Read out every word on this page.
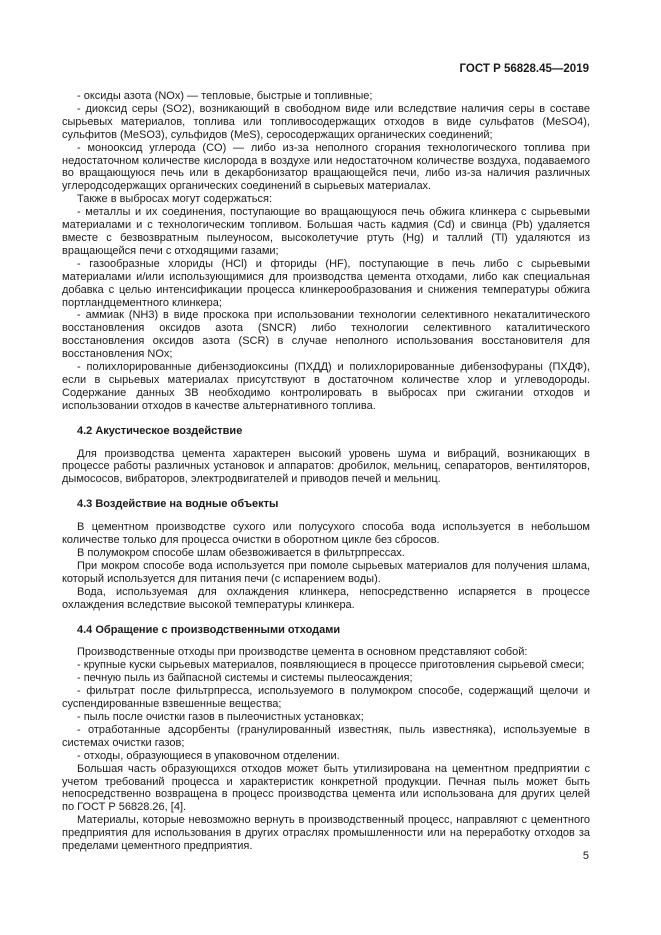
ГОСТ Р 56828.45—2019

- оксиды азота (NOx) — тепловые, быстрые и топливные;

- диоксид серы (SO2), возникающий в свободном виде или вследствие наличия серы в составе сырьевых материалов, топлива или топливосодержащих отходов в виде сульфатов (MeSO4), сульфитов (MeSO3), сульфидов (MeS), серосодержащих органических соединений;

- монооксид углерода (CO) — либо из-за неполного сгорания технологического топлива при недостаточном количестве кислорода в воздухе или недостаточном количестве воздуха, подаваемого во вращающуюся печь или в декарбонизатор вращающейся печи, либо из-за наличия различных углеродсодержащих органических соединений в сырьевых материалах.

Также в выбросах могут содержаться:

- металлы и их соединения, поступающие во вращающуюся печь обжига клинкера с сырьевыми материалами и с технологическим топливом. Большая часть кадмия (Cd) и свинца (Pb) удаляется вместе с безвозвратным пылеуносом, высоколетучие ртуть (Hg) и таллий (Tl) удаляются из вращающейся печи с отходящими газами;

- газообразные хлориды (HCl) и фториды (HF), поступающие в печь либо с сырьевыми материалами и/или использующимися для производства цемента отходами, либо как специальная добавка с целью интенсификации процесса клинкерообразования и снижения температуры обжига портландцементного клинкера;

- аммиак (NH3) в виде проскока при использовании технологии селективного некаталитического восстановления оксидов азота (SNCR) либо технологии селективного каталитического восстановления оксидов азота (SCR) в случае неполного использования восстановителя для восстановления NOx;

- полихлорированные дибензодиоксины (ПХДД) и полихлорированные дибензофураны (ПХДФ), если в сырьевых материалах присутствуют в достаточном количестве хлор и углеводороды. Содержание данных ЗВ необходимо контролировать в выбросах при сжигании отходов и использовании отходов в качестве альтернативного топлива.

4.2 Акустическое воздействие

Для производства цемента характерен высокий уровень шума и вибраций, возникающих в процессе работы различных установок и аппаратов: дробилок, мельниц, сепараторов, вентиляторов, дымососов, вибраторов, электродвигателей и приводов печей и мельниц.

4.3 Воздействие на водные объекты

В цементном производстве сухого или полусухого способа вода используется в небольшом количестве только для процесса очистки в оборотном цикле без сбросов.

В полумокром способе шлам обезвоживается в фильтрпрессах.

При мокром способе вода используется при помоле сырьевых материалов для получения шлама, который используется для питания печи (с испарением воды).

Вода, используемая для охлаждения клинкера, непосредственно испаряется в процессе охлаждения вследствие высокой температуры клинкера.

4.4 Обращение с производственными отходами

Производственные отходы при производстве цемента в основном представляют собой:

- крупные куски сырьевых материалов, появляющиеся в процессе приготовления сырьевой смеси;

- печную пыль из байпасной системы и системы пылеосаждения;

- фильтрат после фильтрпресса, используемого в полумокром способе, содержащий щелочи и суспендированные взвешенные вещества;

- пыль после очистки газов в пылеочистных установках;

- отработанные адсорбенты (гранулированный известняк, пыль известняка), используемые в системах очистки газов;

- отходы, образующиеся в упаковочном отделении.

Большая часть образующихся отходов может быть утилизирована на цементном предприятии с учетом требований процесса и характеристик конкретной продукции. Печная пыль может быть непосредственно возвращена в процесс производства цемента или использована для других целей по ГОСТ Р 56828.26, [4].

Материалы, которые невозможно вернуть в производственный процесс, направляют с цементного предприятия для использования в других отраслях промышленности или на переработку отходов за пределами цементного предприятия.

5
